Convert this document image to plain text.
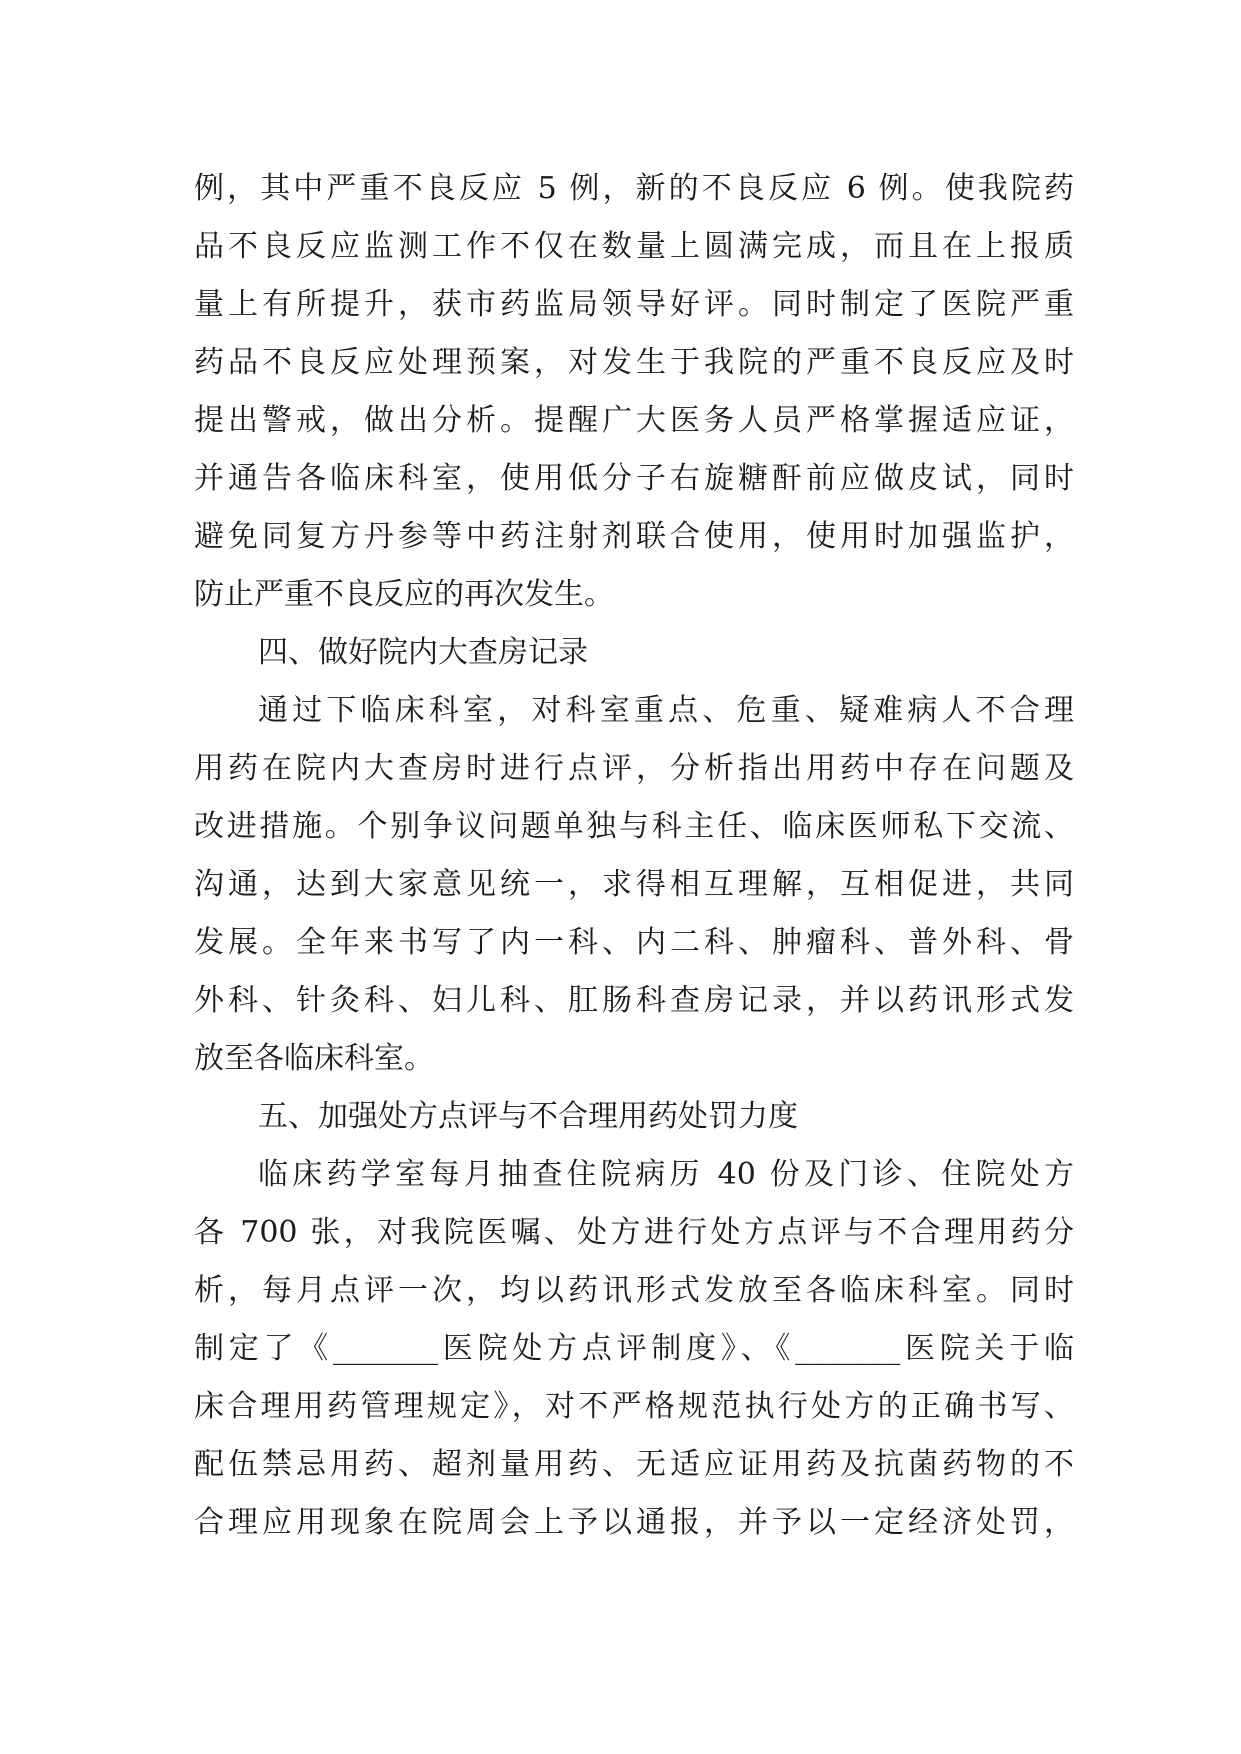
例，其中严重不良反应 5 例，新的不良反应 6 例。使我院药
品不良反应监测工作不仅在数量上圆满完成，而且在上报质
量上有所提升，获市药监局领导好评。同时制定了医院严重
药品不良反应处理预案，对发生于我院的严重不良反应及时
提出警戒，做出分析。提醒广大医务人员严格掌握适应证，
并通告各临床科室，使用低分子右旋糖酐前应做皮试，同时
避免同复方丹参等中药注射剂联合使用，使用时加强监护，
防止严重不良反应的再次发生。
四、做好院内大查房记录
通过下临床科室，对科室重点、危重、疑难病人不合理
用药在院内大查房时进行点评，分析指出用药中存在问题及
改进措施。个别争议问题单独与科主任、临床医师私下交流、
沟通，达到大家意见统一，求得相互理解，互相促进，共同
发展。全年来书写了内一科、内二科、肿瘤科、普外科、骨
外科、针灸科、妇儿科、肛肠科查房记录，并以药讯形式发
放至各临床科室。
五、加强处方点评与不合理用药处罚力度
临床药学室每月抽查住院病历 40 份及门诊、住院处方
各 700 张，对我院医嘱、处方进行处方点评与不合理用药分
析，每月点评一次，均以药讯形式发放至各临床科室。同时
制定了《_______医院处方点评制度》、《_______医院关于临
床合理用药管理规定》，对不严格规范执行处方的正确书写、
配伍禁忌用药、超剂量用药、无适应证用药及抗菌药物的不
合理应用现象在院周会上予以通报，并予以一定经济处罚，
